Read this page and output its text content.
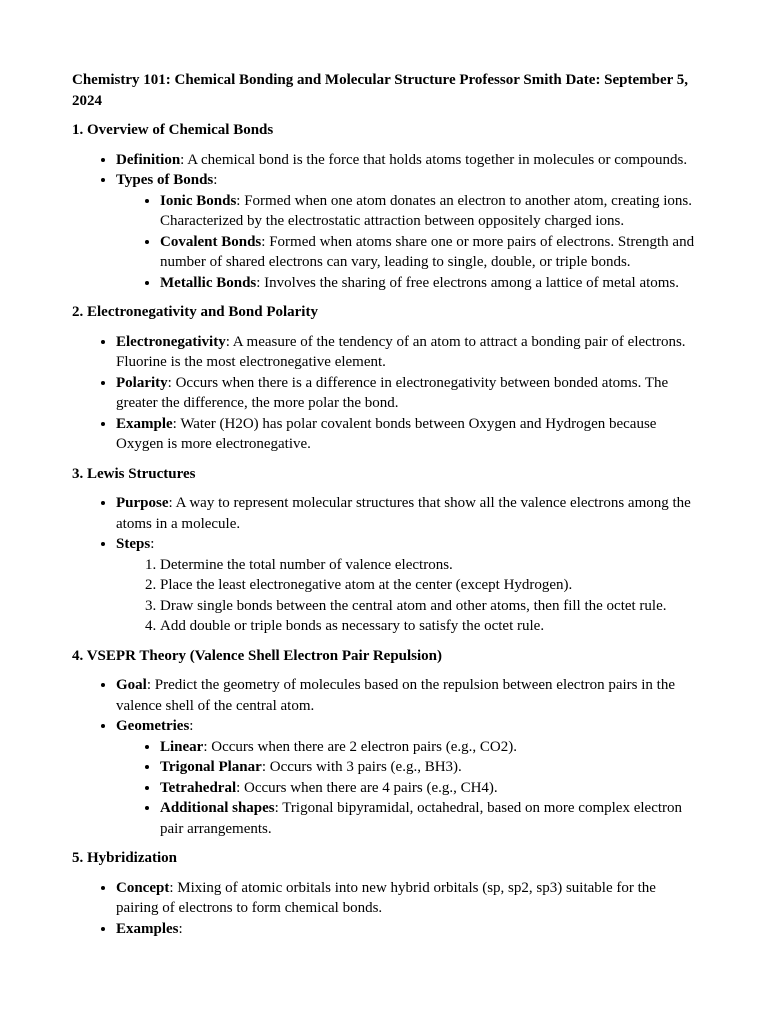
Chemistry 101: Chemical Bonding and Molecular Structure Professor Smith Date: September 5, 2024

1. Overview of Chemical Bonds

• Definition: A chemical bond is the force that holds atoms together in molecules or compounds.
• Types of Bonds:
• Ionic Bonds: Formed when one atom donates an electron to another atom, creating ions. Characterized by the electrostatic attraction between oppositely charged ions.
• Covalent Bonds: Formed when atoms share one or more pairs of electrons. Strength and number of shared electrons can vary, leading to single, double, or triple bonds.
• Metallic Bonds: Involves the sharing of free electrons among a lattice of metal atoms.

2. Electronegativity and Bond Polarity

• Electronegativity: A measure of the tendency of an atom to attract a bonding pair of electrons. Fluorine is the most electronegative element.
• Polarity: Occurs when there is a difference in electronegativity between bonded atoms. The greater the difference, the more polar the bond.
• Example: Water (H2O) has polar covalent bonds between Oxygen and Hydrogen because Oxygen is more electronegative.

3. Lewis Structures

• Purpose: A way to represent molecular structures that show all the valence electrons among the atoms in a molecule.
• Steps:
1. Determine the total number of valence electrons.
2. Place the least electronegative atom at the center (except Hydrogen).
3. Draw single bonds between the central atom and other atoms, then fill the octet rule.
4. Add double or triple bonds as necessary to satisfy the octet rule.

4. VSEPR Theory (Valence Shell Electron Pair Repulsion)

• Goal: Predict the geometry of molecules based on the repulsion between electron pairs in the valence shell of the central atom.
• Geometries:
• Linear: Occurs when there are 2 electron pairs (e.g., CO2).
• Trigonal Planar: Occurs with 3 pairs (e.g., BH3).
• Tetrahedral: Occurs when there are 4 pairs (e.g., CH4).
• Additional shapes: Trigonal bipyramidal, octahedral, based on more complex electron pair arrangements.

5. Hybridization

• Concept: Mixing of atomic orbitals into new hybrid orbitals (sp, sp2, sp3) suitable for the pairing of electrons to form chemical bonds.
• Examples:
